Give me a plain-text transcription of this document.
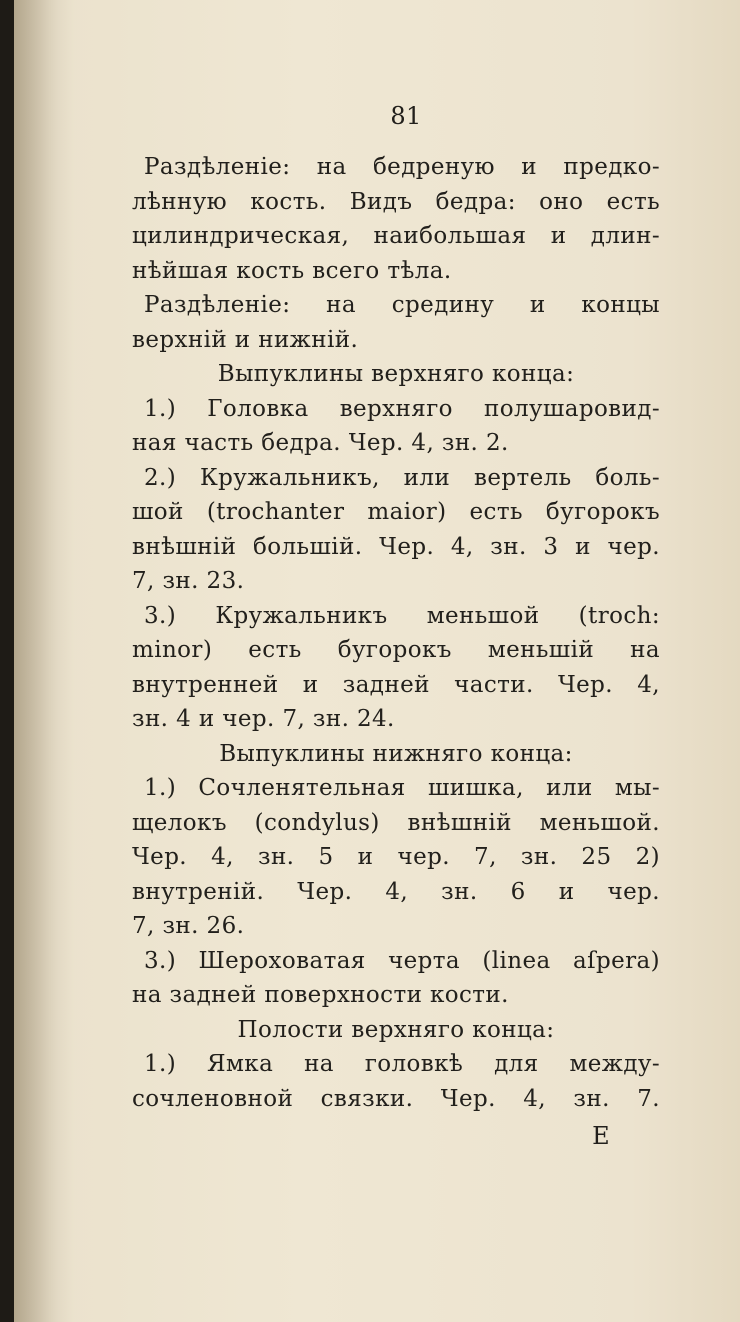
81
Раздѣленіе: на бедреную и предко-
лѣнную кость. Видъ бедра: оно есть
цилиндрическая, наибольшая и длин-
нѣйшая кость всего тѣла.
Раздѣленіе: на средину и концы
верхній и нижній.
Выпуклины верхняго конца:
1.) Головка верхняго полушаровид-
ная часть бедра. Чер. 4, зн. 2.
2.) Кружальникъ, или вертель боль-
шой (trochanter maior) есть бугорокъ
внѣшній большій. Чер. 4, зн. 3 и чер.
7, зн. 23.
3.) Кружальникъ меньшой (troch:
minor) есть бугорокъ меньшій на
внутренней и задней части. Чер. 4,
зн. 4 и чер. 7, зн. 24.
Выпуклины нижняго конца:
1.) Сочленятельная шишка, или мы-
щелокъ (condylus) внѣшній меньшой.
Чер. 4, зн. 5 и чер. 7, зн. 25 2)
внутреній. Чер. 4, зн. 6 и чер.
7, зн. 26.
3.) Шероховатая черта (linea aſpera)
на задней поверхности кости.
Полости верхняго конца:
1.) Ямка на головкѣ для между-
сочленовной связки. Чер. 4, зн. 7.
Е
